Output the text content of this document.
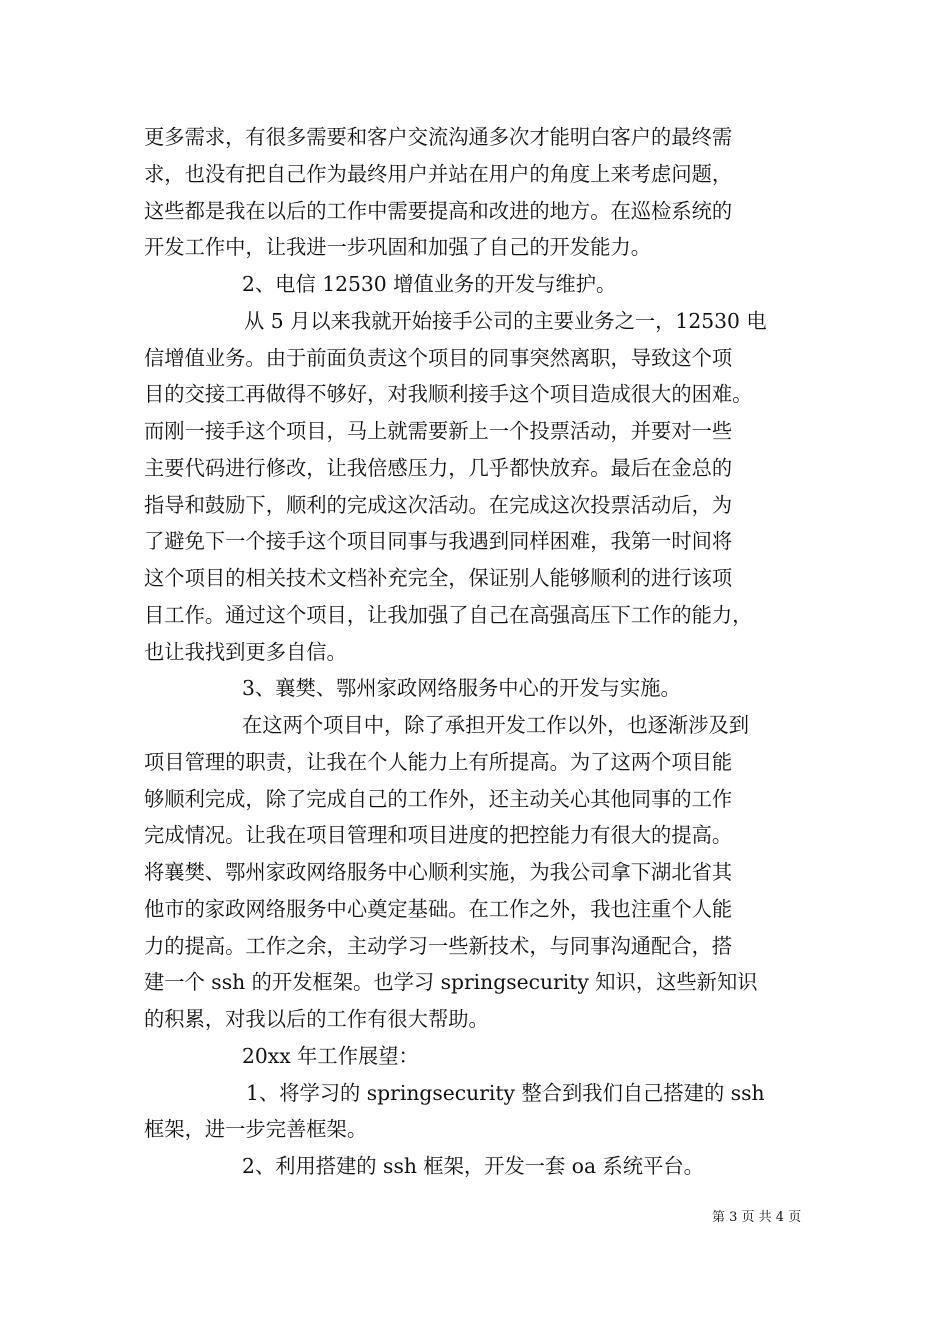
更多需求，有很多需要和客户交流沟通多次才能明白客户的最终需
求，也没有把自己作为最终用户并站在用户的角度上来考虑问题，
这些都是我在以后的工作中需要提高和改进的地方。在巡检系统的
开发工作中，让我进一步巩固和加强了自己的开发能力。
2、电信 12530 增值业务的开发与维护。
从 5 月以来我就开始接手公司的主要业务之一，12530 电
信增值业务。由于前面负责这个项目的同事突然离职，导致这个项
目的交接工再做得不够好，对我顺利接手这个项目造成很大的困难。
而刚一接手这个项目，马上就需要新上一个投票活动，并要对一些
主要代码进行修改，让我倍感压力，几乎都快放弃。最后在金总的
指导和鼓励下，顺利的完成这次活动。在完成这次投票活动后，为
了避免下一个接手这个项目同事与我遇到同样困难，我第一时间将
这个项目的相关技术文档补充完全，保证别人能够顺利的进行该项
目工作。通过这个项目，让我加强了自己在高强高压下工作的能力，
也让我找到更多自信。
3、襄樊、鄂州家政网络服务中心的开发与实施。
在这两个项目中，除了承担开发工作以外，也逐渐涉及到
项目管理的职责，让我在个人能力上有所提高。为了这两个项目能
够顺利完成，除了完成自己的工作外，还主动关心其他同事的工作
完成情况。让我在项目管理和项目进度的把控能力有很大的提高。
将襄樊、鄂州家政网络服务中心顺利实施，为我公司拿下湖北省其
他市的家政网络服务中心奠定基础。在工作之外，我也注重个人能
力的提高。工作之余，主动学习一些新技术，与同事沟通配合，搭
建一个 ssh 的开发框架。也学习 springsecurity 知识，这些新知识
的积累，对我以后的工作有很大帮助。
20xx 年工作展望：
1、将学习的 springsecurity 整合到我们自己搭建的 ssh
框架，进一步完善框架。
2、利用搭建的 ssh 框架，开发一套 oa 系统平台。
第 3 页 共 4 页
